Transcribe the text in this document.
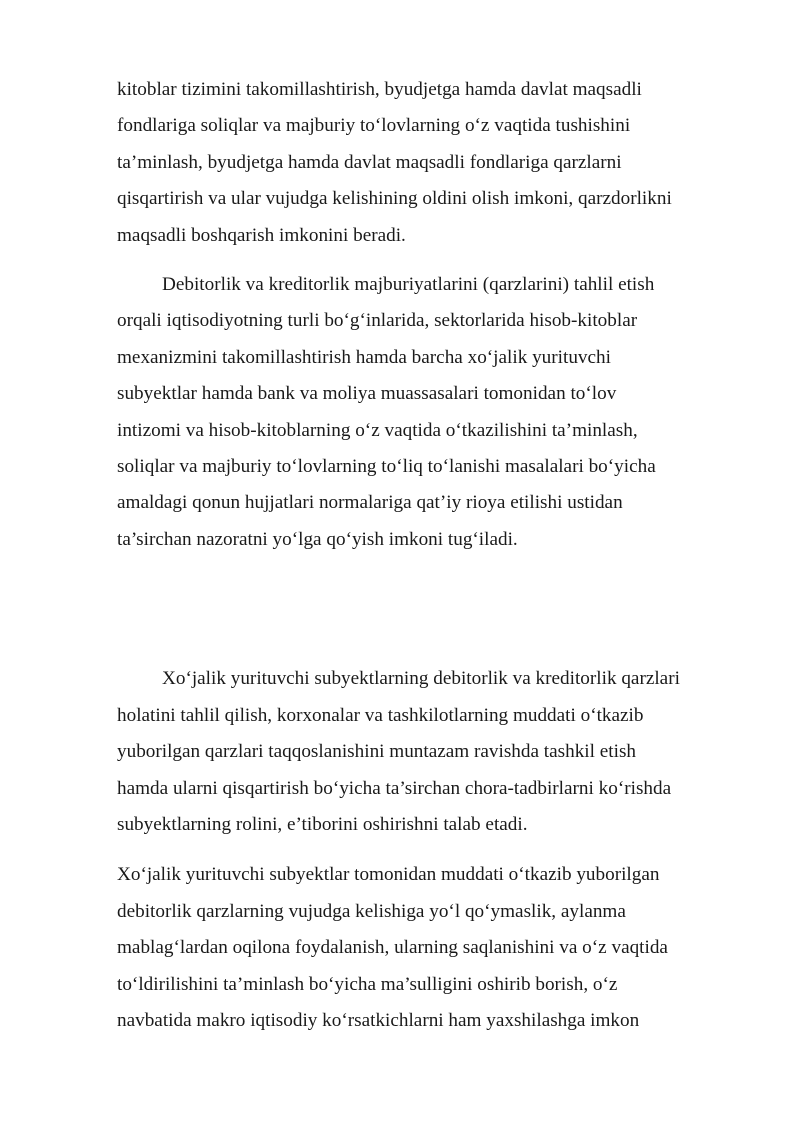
kitoblar tizimini takomillashtirish, byudjetga hamda davlat maqsadli
fondlariga soliqlar va majburiy to‘lovlarning o‘z vaqtida tushishini
ta’minlash, byudjetga hamda davlat maqsadli fondlariga qarzlarni
qisqartirish va ular vujudga kelishining oldini olish imkoni, qarzdorlikni
maqsadli boshqarish imkonini beradi.

Debitorlik va kreditorlik majburiyatlarini (qarzlarini) tahlil etish
orqali iqtisodiyotning turli bo‘g‘inlarida, sektorlarida hisob-kitoblar
mexanizmini takomillashtirish hamda barcha xo‘jalik yurituvchi
subyektlar hamda bank va moliya muassasalari tomonidan to‘lov
intizomi va hisob-kitoblarning o‘z vaqtida o‘tkazilishini ta’minlash,
soliqlar va majburiy to‘lovlarning to‘liq to‘lanishi masalalari bo‘yicha
amaldagi qonun hujjatlari normalariga qat’iy rioya etilishi ustidan
ta’sirchan nazoratni yo‘lga qo‘yish imkoni tug‘iladi.

Xo‘jalik yurituvchi subyektlarning debitorlik va kreditorlik qarzlari
holatini tahlil qilish, korxonalar va tashkilotlarning muddati o‘tkazib
yuborilgan qarzlari taqqoslanishini muntazam ravishda tashkil etish
hamda ularni qisqartirish bo‘yicha ta’sirchan chora-tadbirlarni ko‘rishda
subyektlarning rolini, e’tiborini oshirishni talab etadi.

Xo‘jalik yurituvchi subyektlar tomonidan muddati o‘tkazib yuborilgan
debitorlik qarzlarning vujudga kelishiga yo‘l qo‘ymaslik, aylanma
mablag‘lardan oqilona foydalanish, ularning saqlanishini va o‘z vaqtida
to‘ldirilishini ta’minlash bo‘yicha ma’sulligini oshirib borish, o‘z
navbatida makro iqtisodiy ko‘rsatkichlarni ham yaxshilashga imkon
